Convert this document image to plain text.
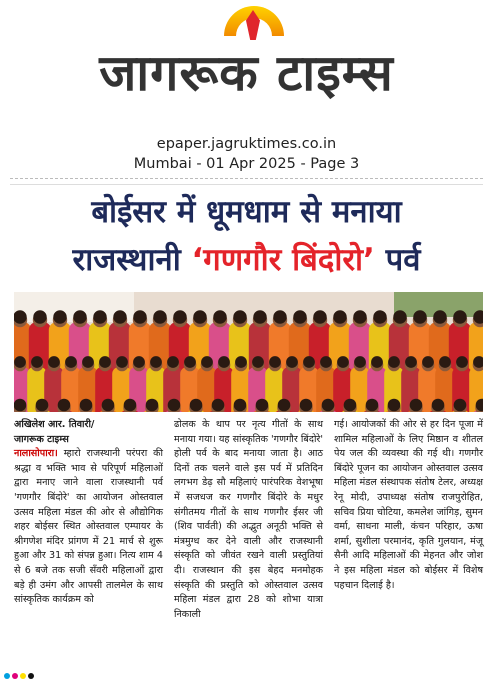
जागरूक टाइम्स
epaper.jagruktimes.co.in
Mumbai - 01 Apr 2025 - Page 3
बोईसर में धूमधाम से मनाया
राजस्थानी ‘गणगौर बिंदोरो’ पर्व
अखिलेश आर. तिवारी/
जागरूक टाइम्स

नालासोपारा। म्हारो राजस्थानी परंपरा की श्रद्धा व भक्ति भाव से परिपूर्ण महिलाओं द्वारा मनाए जाने वाला राजस्थानी पर्व 'गणगौर बिंदोरे' का आयोजन ओस्तवाल उत्सव महिला मंडल की ओर से औद्योगिक शहर बोईसर स्थित ओस्तवाल एम्पायर के श्रीगणेश मंदिर प्रांगण में 21 मार्च से शुरू हुआ और 31 को संपन्न हुआ। नित्य शाम 4 से 6 बजे तक सजी सँवरी महिलाओं द्वारा बड़े ही उमंग और आपसी तालमेल के साथ सांस्कृतिक कार्यक्रम को

ढोलक के थाप पर नृत्य गीतों के साथ मनाया गया। यह सांस्कृतिक 'गणगौर बिंदोरे' होली पर्व के बाद मनाया जाता है। आठ दिनों तक चलने वाले इस पर्व में प्रतिदिन लगभग डेढ़ सौ महिलाएं पारंपरिक वेशभूषा में सजधज कर गणगौर बिंदोरे के मधुर संगीतमय गीतों के साथ गणगौर ईसर जी (शिव पार्वती) की अद्भुत अनूठी भक्ति से मंत्रमुग्ध कर देने वाली और राजस्थानी संस्कृति को जीवंत रखने वाली प्रस्तुतियां दी। राजस्थान की इस बेहद मनमोहक संस्कृति की प्रस्तुति को ओस्तवाल उत्सव महिला मंडल द्वारा 28 को शोभा यात्रा निकाली

गई। आयोजकों की ओर से हर दिन पूजा में शामिल महिलाओं के लिए मिष्ठान व शीतल पेय जल की व्यवस्था की गई थी। गणगौर बिंदोरे पूजन का आयोजन ओस्तवाल उत्सव महिला मंडल संस्थापक संतोष टेलर, अध्यक्ष रेनू मोदी, उपाध्यक्ष संतोष राजपुरोहित, सचिव प्रिया चोटिया, कमलेश जांगिड़, सुमन वर्मा, साधना माली, कंचन परिहार, ऊषा शर्मा, सुशीला परमानंद, कृति गुलयान, मंजू सैनी आदि महिलाओं की मेहनत और जोश ने इस महिला मंडल को बोईसर में विशेष पहचान दिलाई है।
